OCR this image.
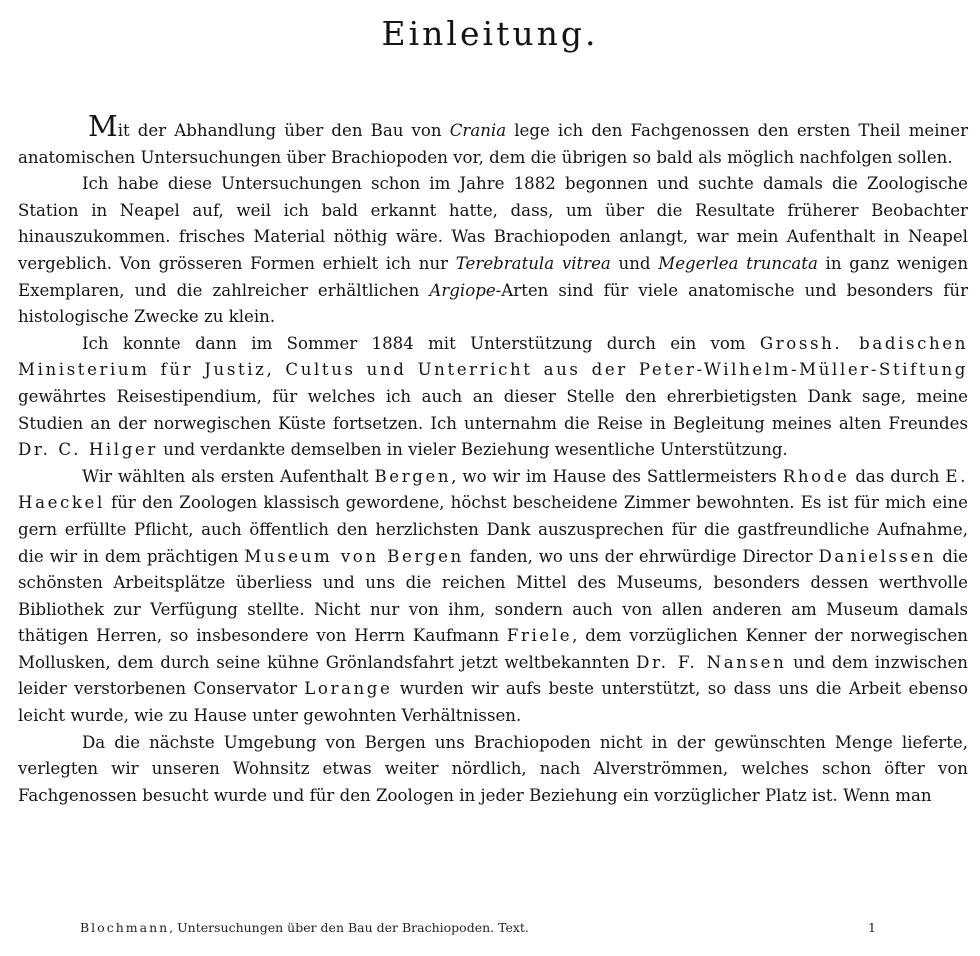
Einleitung.

Mit der Abhandlung über den Bau von Crania lege ich den Fachgenossen den ersten Theil meiner anatomischen Untersuchungen über Brachiopoden vor, dem die übrigen so bald als möglich nachfolgen sollen.

Ich habe diese Untersuchungen schon im Jahre 1882 begonnen und suchte damals die Zoologische Station in Neapel auf, weil ich bald erkannt hatte, dass, um über die Resultate früherer Beobachter hinauszukommen. frisches Material nöthig wäre. Was Brachiopoden anlangt, war mein Aufenthalt in Neapel vergeblich. Von grösseren Formen erhielt ich nur Terebratula vitrea und Megerlea truncata in ganz wenigen Exemplaren, und die zahlreicher erhältlichen Argiope-Arten sind für viele anatomische und besonders für histologische Zwecke zu klein.

Ich konnte dann im Sommer 1884 mit Unterstützung durch ein vom Grossh. badischen Ministerium für Justiz, Cultus und Unterricht aus der Peter-Wilhelm-Müller-Stiftung gewährtes Reisestipendium, für welches ich auch an dieser Stelle den ehrerbietigsten Dank sage, meine Studien an der norwegischen Küste fortsetzen. Ich unternahm die Reise in Begleitung meines alten Freundes Dr. C. Hilger und verdankte demselben in vieler Beziehung wesentliche Unterstützung.

Wir wählten als ersten Aufenthalt Bergen, wo wir im Hause des Sattlermeisters Rhode das durch E. Haeckel für den Zoologen klassisch gewordene, höchst bescheidene Zimmer bewohnten. Es ist für mich eine gern erfüllte Pflicht, auch öffentlich den herzlichsten Dank auszusprechen für die gastfreundliche Aufnahme, die wir in dem prächtigen Museum von Bergen fanden, wo uns der ehrwürdige Director Danielssen die schönsten Arbeitsplätze überliess und uns die reichen Mittel des Museums, besonders dessen werthvolle Bibliothek zur Verfügung stellte. Nicht nur von ihm, sondern auch von allen anderen am Museum damals thätigen Herren, so insbesondere von Herrn Kaufmann Friele, dem vorzüglichen Kenner der norwegischen Mollusken, dem durch seine kühne Grönlandsfahrt jetzt weltbekannten Dr. F. Nansen und dem inzwischen leider verstorbenen Conservator Lorange wurden wir aufs beste unterstützt, so dass uns die Arbeit ebenso leicht wurde, wie zu Hause unter gewohnten Verhältnissen.

Da die nächste Umgebung von Bergen uns Brachiopoden nicht in der gewünschten Menge lieferte, verlegten wir unseren Wohnsitz etwas weiter nördlich, nach Alverströmmen, welches schon öfter von Fachgenossen besucht wurde und für den Zoologen in jeder Beziehung ein vorzüglicher Platz ist. Wenn man

Blochmann, Untersuchungen über den Bau der Brachiopoden. Text.	1
